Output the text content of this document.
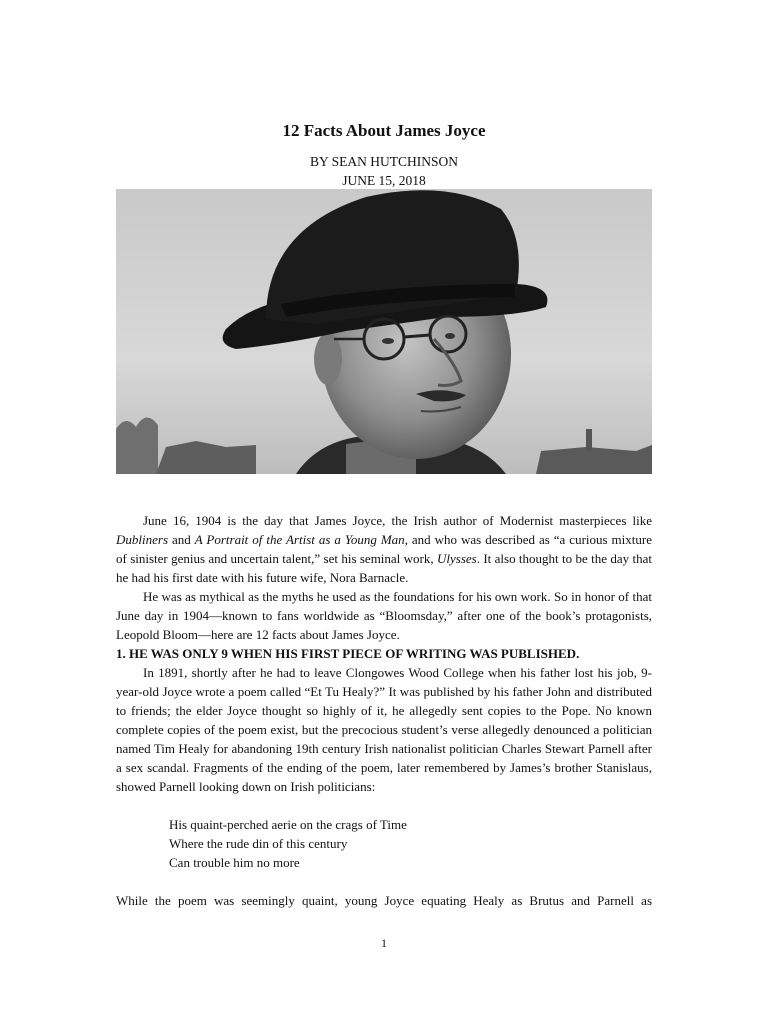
12 Facts About James Joyce
BY SEAN HUTCHINSON
JUNE 15, 2018

June 16, 1904 is the day that James Joyce, the Irish author of Modernist masterpieces like Dubliners and A Portrait of the Artist as a Young Man, and who was described as “a curious mixture of sinister genius and uncertain talent,” set his seminal work, Ulysses. It also thought to be the day that he had his first date with his future wife, Nora Barnacle.

He was as mythical as the myths he used as the foundations for his own work. So in honor of that June day in 1904—known to fans worldwide as “Bloomsday,” after one of the book’s protagonists, Leopold Bloom—here are 12 facts about James Joyce.

1. HE WAS ONLY 9 WHEN HIS FIRST PIECE OF WRITING WAS PUBLISHED.

In 1891, shortly after he had to leave Clongowes Wood College when his father lost his job, 9-year-old Joyce wrote a poem called “Et Tu Healy?” It was published by his father John and distributed to friends; the elder Joyce thought so highly of it, he allegedly sent copies to the Pope. No known complete copies of the poem exist, but the precocious student’s verse allegedly denounced a politician named Tim Healy for abandoning 19th century Irish nationalist politician Charles Stewart Parnell after a sex scandal. Fragments of the ending of the poem, later remembered by James’s brother Stanislaus, showed Parnell looking down on Irish politicians:

His quaint-perched aerie on the crags of Time
Where the rude din of this century
Can trouble him no more

While the poem was seemingly quaint, young Joyce equating Healy as Brutus and Parnell as

1
